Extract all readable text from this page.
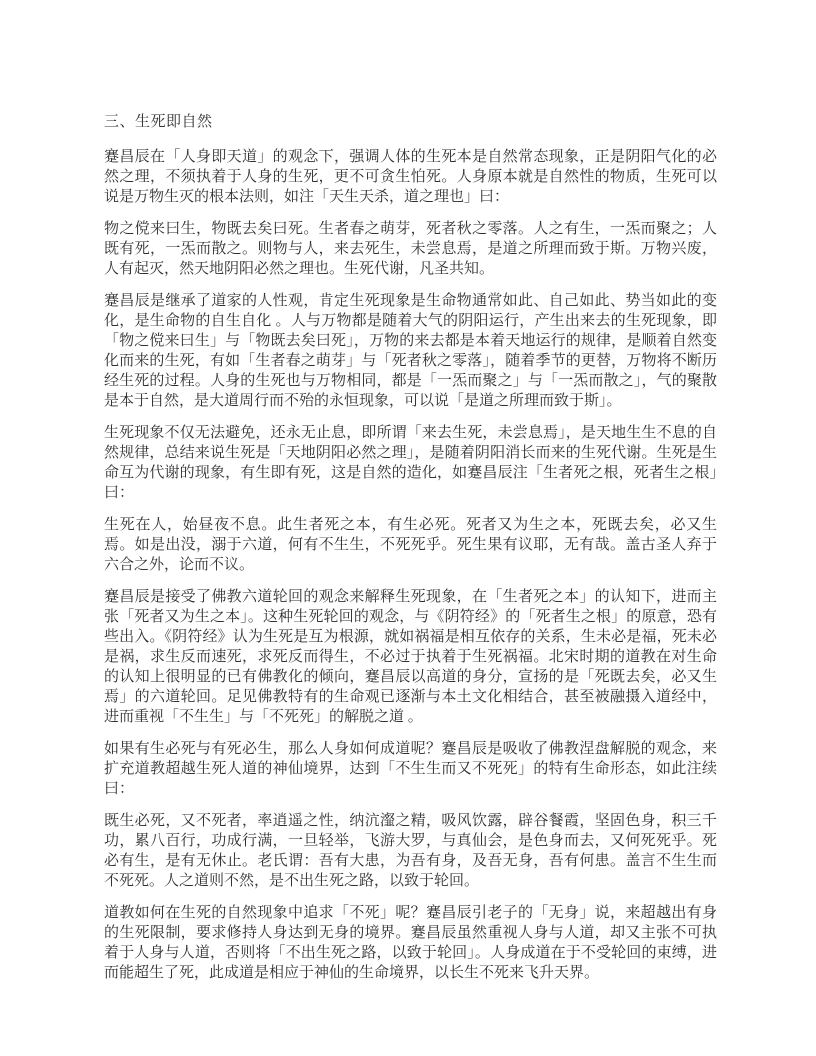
三、生死即自然

蹇昌辰在「人身即天道」的观念下，强调人体的生死本是自然常态现象，正是阴阳气化的必然之理，不须执着于人身的生死，更不可贪生怕死。人身原本就是自然性的物质，生死可以说是万物生灭的根本法则，如注「天生天杀，道之理也」曰：

物之傥来曰生，物既去矣曰死。生者春之萌芽，死者秋之零落。人之有生，一炁而聚之；人既有死，一炁而散之。则物与人，来去死生，未尝息焉，是道之所理而致于斯。万物兴废，人有起灭，然天地阴阳必然之理也。生死代谢，凡圣共知。

蹇昌辰是继承了道家的人性观，肯定生死现象是生命物通常如此、自己如此、势当如此的变化，是生命物的自生自化 。人与万物都是随着大气的阴阳运行，产生出来去的生死现象，即「物之傥来曰生」与「物既去矣曰死」，万物的来去都是本着天地运行的规律，是顺着自然变化而来的生死，有如「生者春之萌芽」与「死者秋之零落」，随着季节的更替，万物将不断历经生死的过程。人身的生死也与万物相同，都是「一炁而聚之」与「一炁而散之」，气的聚散是本于自然，是大道周行而不殆的永恒现象，可以说「是道之所理而致于斯」。

生死现象不仅无法避免，还永无止息，即所谓「来去生死，未尝息焉」，是天地生生不息的自然规律，总结来说生死是「天地阴阳必然之理」，是随着阴阳消长而来的生死代谢。生死是生命互为代谢的现象，有生即有死，这是自然的造化，如蹇昌辰注「生者死之根，死者生之根」曰：

生死在人，始昼夜不息。此生者死之本，有生必死。死者又为生之本，死既去矣，必又生焉。如是出没，溺于六道，何有不生生，不死死乎。死生果有议耶，无有哉。盖古圣人弃于六合之外，论而不议。

蹇昌辰是接受了佛教六道轮回的观念来解释生死现象，在「生者死之本」的认知下，进而主张「死者又为生之本」。这种生死轮回的观念，与《阴符经》的「死者生之根」的原意，恐有些出入。《阴符经》认为生死是互为根源，就如祸福是相互依存的关系，生未必是福，死未必是祸，求生反而速死，求死反而得生，不必过于执着于生死祸福。北宋时期的道教在对生命的认知上很明显的已有佛教化的倾向，蹇昌辰以高道的身分，宣扬的是「死既去矣，必又生焉」的六道轮回。足见佛教特有的生命观已逐渐与本土文化相结合，甚至被融摄入道经中，进而重视「不生生」与「不死死」的解脱之道 。

如果有生必死与有死必生，那么人身如何成道呢？蹇昌辰是吸收了佛教涅盘解脱的观念，来扩充道教超越生死人道的神仙境界，达到「不生生而又不死死」的特有生命形态，如此注续曰：

既生必死，又不死者，率逍遥之性，纳沆瀣之精，吸风饮露，辟谷餐霞，坚固色身，积三千功，累八百行，功成行满，一旦轻举，飞游大罗，与真仙会，是色身而去，又何死死乎。死必有生，是有无休止。老氏谓：吾有大患，为吾有身，及吾无身，吾有何患。盖言不生生而不死死。人之道则不然，是不出生死之路，以致于轮回。

道教如何在生死的自然现象中追求「不死」呢？蹇昌辰引老子的「无身」说，来超越出有身的生死限制，要求修持人身达到无身的境界。蹇昌辰虽然重视人身与人道，却又主张不可执着于人身与人道，否则将「不出生死之路，以致于轮回」。人身成道在于不受轮回的束缚，进而能超生了死，此成道是相应于神仙的生命境界，以长生不死来飞升天界。
